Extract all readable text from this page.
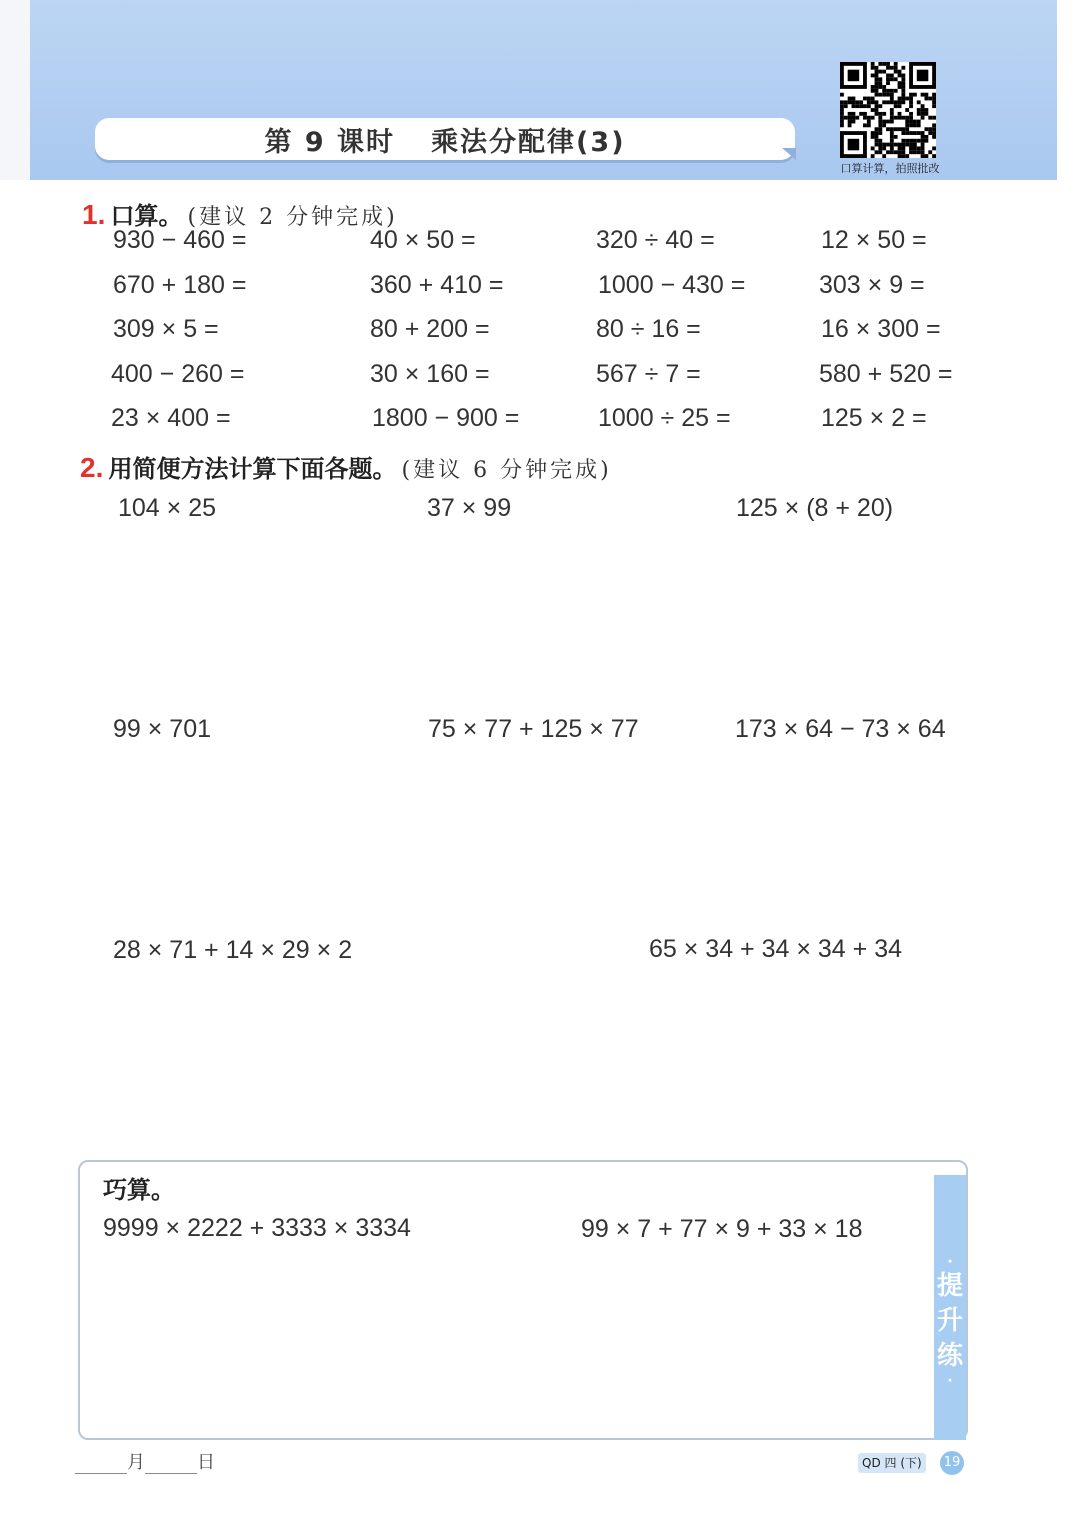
第 9 课时 乘法分配律(3)
口算计算，拍照批改
1. 口算。 (建议 2 分钟完成)
930 − 460 =	40 × 50 =	320 ÷ 40 =	12 × 50 =
670 + 180 =	360 + 410 =	1000 − 430 =	303 × 9 =
309 × 5 =	80 + 200 =	80 ÷ 16 =	16 × 300 =
400 − 260 =	30 × 160 =	567 ÷ 7 =	580 + 520 =
23 × 400 =	1800 − 900 =	1000 ÷ 25 =	125 × 2 =
2. 用简便方法计算下面各题。 (建议 6 分钟完成)
104 × 25	37 × 99	125 × (8 + 20)
99 × 701	75 × 77 + 125 × 77	173 × 64 − 73 × 64
28 × 71 + 14 × 29 × 2	65 × 34 + 34 × 34 + 34
·
提
升
练
·
巧算。
9999 × 2222 + 3333 × 3334	99 × 7 + 77 × 9 + 33 × 18
月	日	QD 四 (下)	19
